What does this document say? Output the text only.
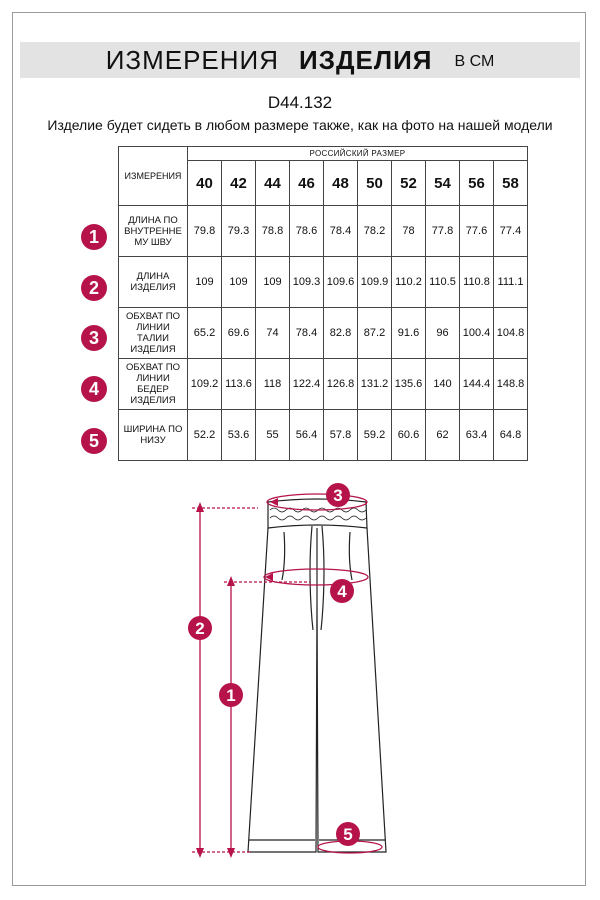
ИЗМЕРЕНИЯ ИЗДЕЛИЯ В СМ
D44.132
Изделие будет сидеть в любом размере также, как на фото на нашей модели
ИЗМЕРЕНИЯ	РОССИЙСКИЙ РАЗМЕР									
	40	42	44	46	48	50	52	54	56	58
ДЛИНА ПО ВНУТРЕННЕ МУ ШВУ	79.8	79.3	78.8	78.6	78.4	78.2	78	77.8	77.6	77.4
ДЛИНА ИЗДЕЛИЯ	109	109	109	109.3	109.6	109.9	110.2	110.5	110.8	111.1
ОБХВАТ ПО ЛИНИИ ТАЛИИ ИЗДЕЛИЯ	65.2	69.6	74	78.4	82.8	87.2	91.6	96	100.4	104.8
ОБХВАТ ПО ЛИНИИ БЕДЕР ИЗДЕЛИЯ	109.2	113.6	118	122.4	126.8	131.2	135.6	140	144.4	148.8
ШИРИНА ПО НИЗУ	52.2	53.6	55	56.4	57.8	59.2	60.6	62	63.4	64.8
1
2
3
4
5
2
1
3
4
5
